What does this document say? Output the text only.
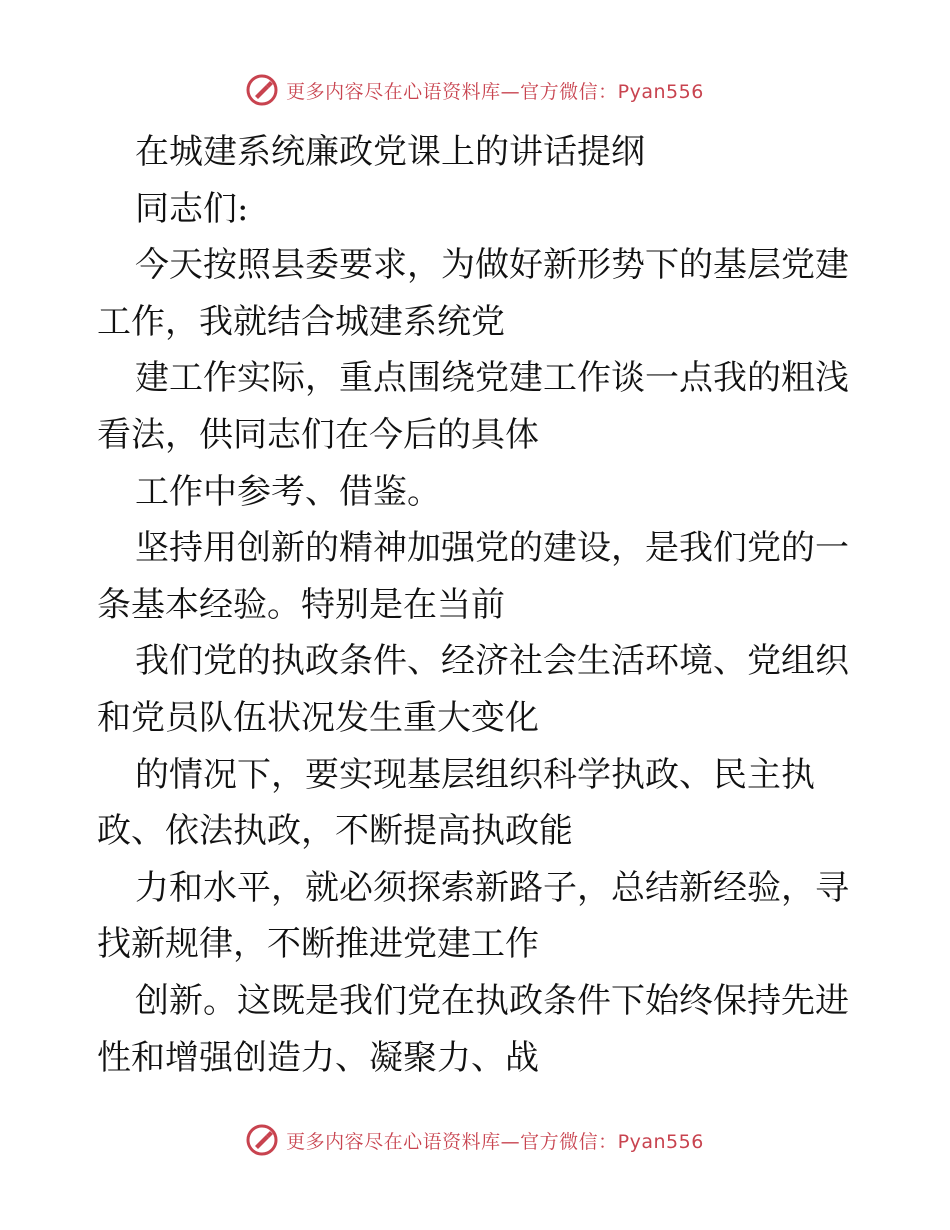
更多内容尽在心语资料库—官方微信：Pyan556

在城建系统廉政党课上的讲话提纲

同志们:

今天按照县委要求，为做好新形势下的基层党建

工作，我就结合城建系统党

建工作实际，重点围绕党建工作谈一点我的粗浅

看法，供同志们在今后的具体

工作中参考、借鉴。

坚持用创新的精神加强党的建设，是我们党的一

条基本经验。特别是在当前

我们党的执政条件、经济社会生活环境、党组织

和党员队伍状况发生重大变化

的情况下，要实现基层组织科学执政、民主执

政、依法执政，不断提高执政能

力和水平，就必须探索新路子，总结新经验，寻

找新规律，不断推进党建工作

创新。这既是我们党在执政条件下始终保持先进

性和增强创造力、凝聚力、战

更多内容尽在心语资料库—官方微信：Pyan556
